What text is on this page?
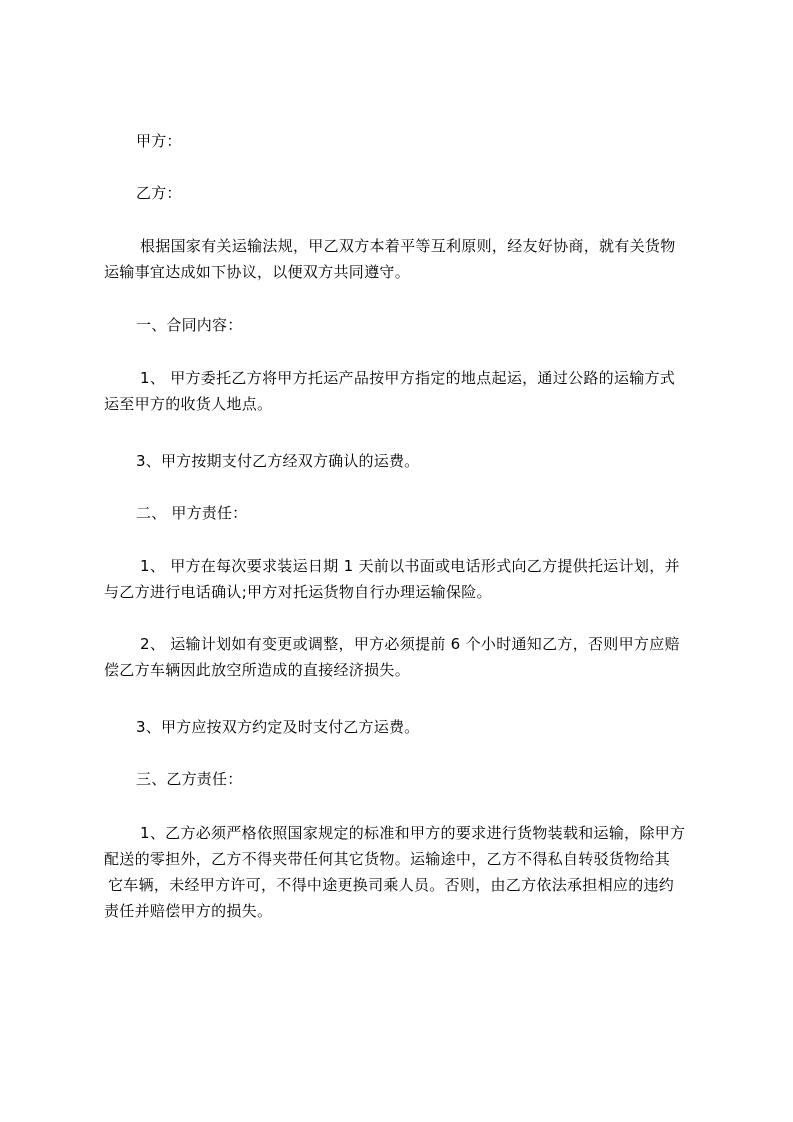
甲方：

乙方：

根据国家有关运输法规，甲乙双方本着平等互利原则，经友好协商，就有关货物
运输事宜达成如下协议，以便双方共同遵守。

一、合同内容：

1、 甲方委托乙方将甲方托运产品按甲方指定的地点起运，通过公路的运输方式
运至甲方的收货人地点。

3、甲方按期支付乙方经双方确认的运费。

二、 甲方责任：

1、 甲方在每次要求装运日期 1 天前以书面或电话形式向乙方提供托运计划，并
与乙方进行电话确认;甲方对托运货物自行办理运输保险。
2、 运输计划如有变更或调整，甲方必须提前 6 个小时通知乙方，否则甲方应赔
偿乙方车辆因此放空所造成的直接经济损失。

3、甲方应按双方约定及时支付乙方运费。

三、乙方责任：

1、乙方必须严格依照国家规定的标准和甲方的要求进行货物装载和运输，除甲方
配送的零担外，乙方不得夹带任何其它货物。运输途中，乙方不得私自转驳货物给其
它车辆，未经甲方许可，不得中途更换司乘人员。否则，由乙方依法承担相应的违约
责任并赔偿甲方的损失。
